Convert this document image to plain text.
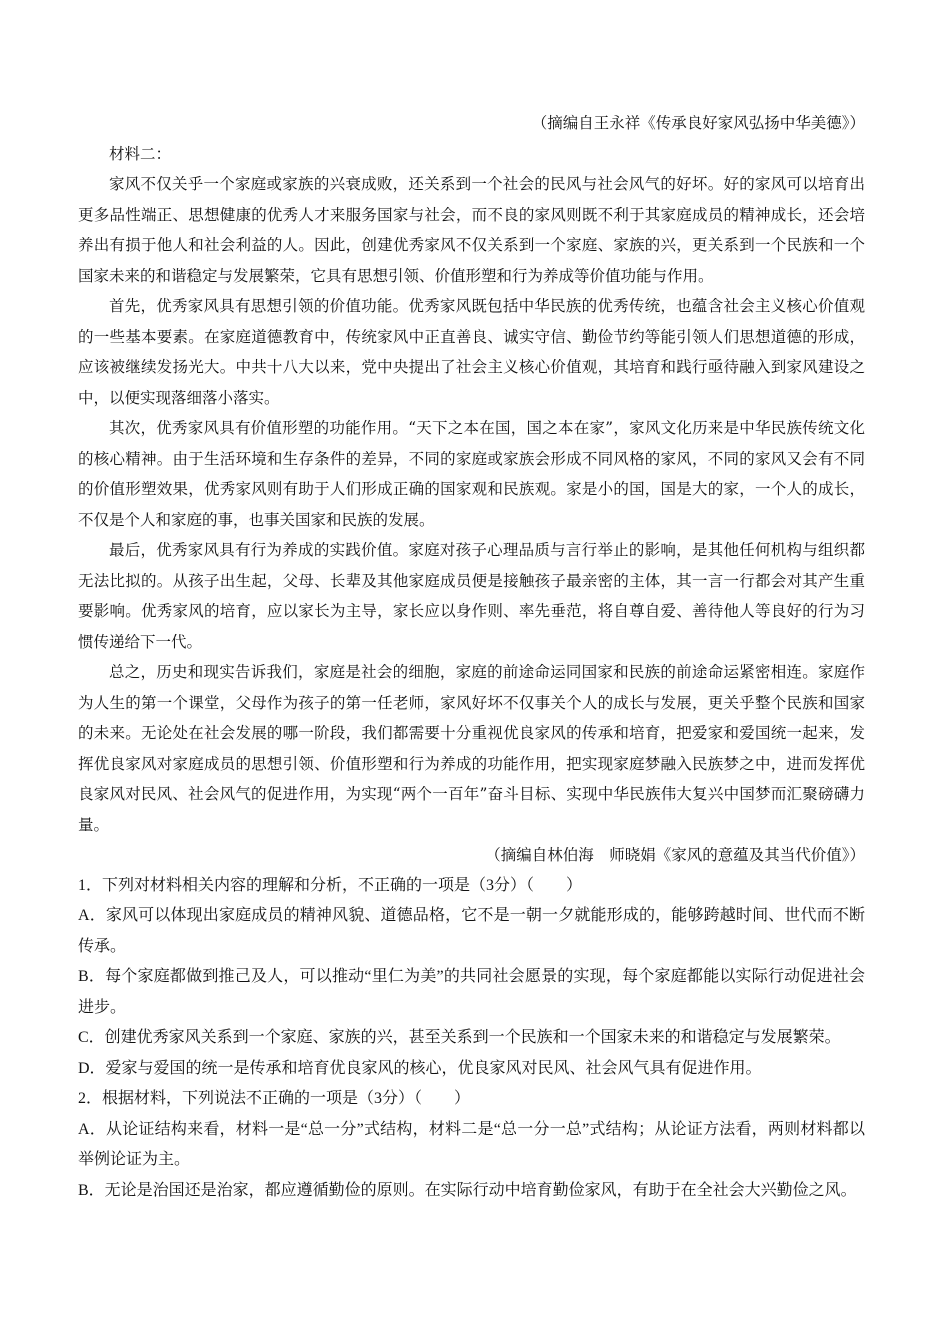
（摘编自王永祥《传承良好家风弘扬中华美德》）

材料二：

家风不仅关乎一个家庭或家族的兴衰成败，还关系到一个社会的民风与社会风气的好坏。好的家风可以培育出更多品性端正、思想健康的优秀人才来服务国家与社会，而不良的家风则既不利于其家庭成员的精神成长，还会培养出有损于他人和社会利益的人。因此，创建优秀家风不仅关系到一个家庭、家族的兴，更关系到一个民族和一个国家未来的和谐稳定与发展繁荣，它具有思想引领、价值形塑和行为养成等价值功能与作用。

首先，优秀家风具有思想引领的价值功能。优秀家风既包括中华民族的优秀传统，也蕴含社会主义核心价值观的一些基本要素。在家庭道德教育中，传统家风中正直善良、诚实守信、勤俭节约等能引领人们思想道德的形成，应该被继续发扬光大。中共十八大以来，党中央提出了社会主义核心价值观，其培育和践行亟待融入到家风建设之中，以便实现落细落小落实。

其次，优秀家风具有价值形塑的功能作用。“天下之本在国，国之本在家”，家风文化历来是中华民族传统文化的核心精神。由于生活环境和生存条件的差异，不同的家庭或家族会形成不同风格的家风，不同的家风又会有不同的价值形塑效果，优秀家风则有助于人们形成正确的国家观和民族观。家是小的国，国是大的家，一个人的成长，不仅是个人和家庭的事，也事关国家和民族的发展。

最后，优秀家风具有行为养成的实践价值。家庭对孩子心理品质与言行举止的影响，是其他任何机构与组织都无法比拟的。从孩子出生起，父母、长辈及其他家庭成员便是接触孩子最亲密的主体，其一言一行都会对其产生重要影响。优秀家风的培育，应以家长为主导，家长应以身作则、率先垂范，将自尊自爱、善待他人等良好的行为习惯传递给下一代。

总之，历史和现实告诉我们，家庭是社会的细胞，家庭的前途命运同国家和民族的前途命运紧密相连。家庭作为人生的第一个课堂，父母作为孩子的第一任老师，家风好坏不仅事关个人的成长与发展，更关乎整个民族和国家的未来。无论处在社会发展的哪一阶段，我们都需要十分重视优良家风的传承和培育，把爱家和爱国统一起来，发挥优良家风对家庭成员的思想引领、价值形塑和行为养成的功能作用，把实现家庭梦融入民族梦之中，进而发挥优良家风对民风、社会风气的促进作用，为实现“两个一百年”奋斗目标、实现中华民族伟大复兴中国梦而汇聚磅礴力量。

（摘编自林伯海　师晓娟《家风的意蕴及其当代价值》）

1．下列对材料相关内容的理解和分析，不正确的一项是（3分）（　　）

A．家风可以体现出家庭成员的精神风貌、道德品格，它不是一朝一夕就能形成的，能够跨越时间、世代而不断传承。

B．每个家庭都做到推己及人，可以推动“里仁为美”的共同社会愿景的实现，每个家庭都能以实际行动促进社会进步。

C．创建优秀家风关系到一个家庭、家族的兴，甚至关系到一个民族和一个国家未来的和谐稳定与发展繁荣。

D．爱家与爱国的统一是传承和培育优良家风的核心，优良家风对民风、社会风气具有促进作用。

2．根据材料，下列说法不正确的一项是（3分）（　　）

A．从论证结构来看，材料一是“总一分”式结构，材料二是“总一分一总”式结构；从论证方法看，两则材料都以举例论证为主。

B．无论是治国还是治家，都应遵循勤俭的原则。在实际行动中培育勤俭家风，有助于在全社会大兴勤俭之风。
